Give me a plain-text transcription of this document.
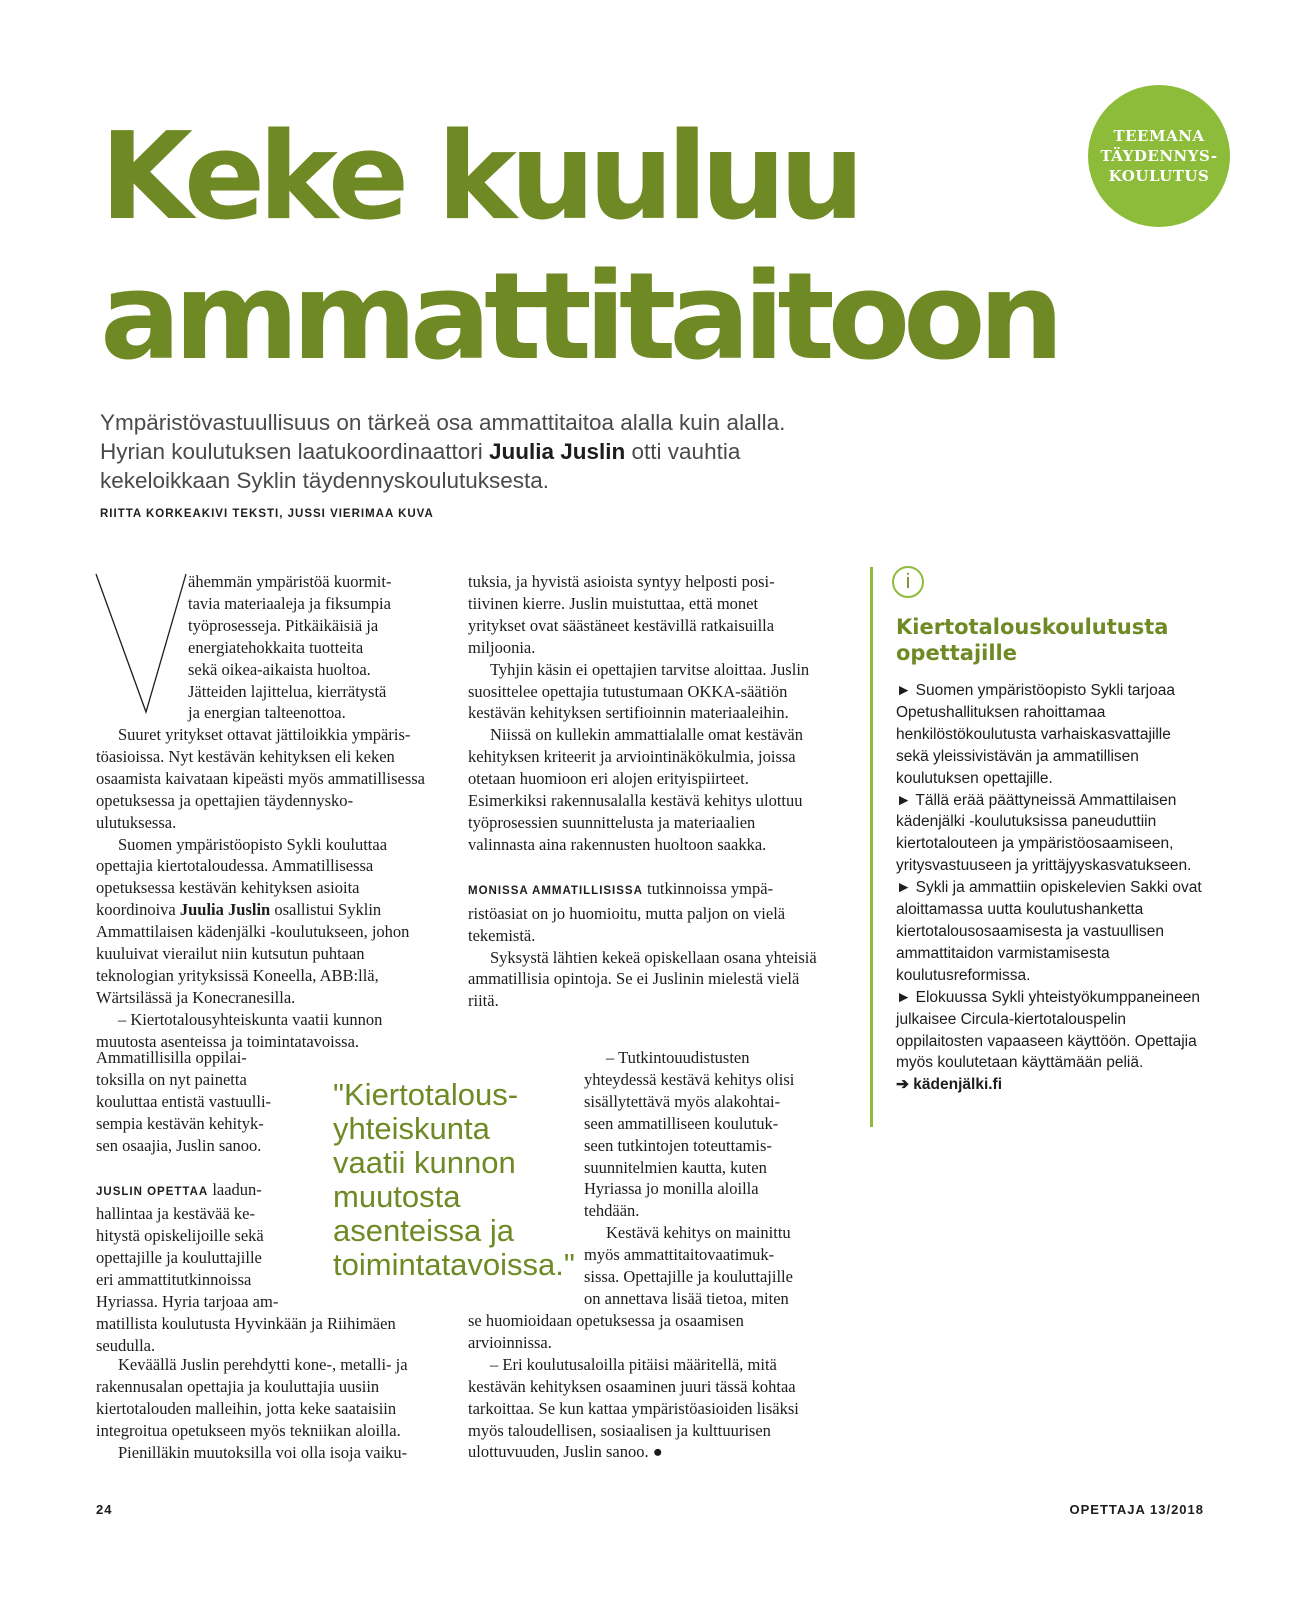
Keke kuuluu
ammattitaitoon
TEEMANA
TÄYDENNYS-
KOULUTUS
Ympäristövastuullisuus on tärkeä osa ammattitaitoa alalla kuin alalla.
Hyrian koulutuksen laatukoordinaattori Juulia Juslin otti vauhtia
kekeloikkaan Syklin täydennyskoulutuksesta.
RIITTA KORKEAKIVI TEKSTI, JUSSI VIERIMAA KUVA
ähemmän ympäristöä kuormit-
tavia materiaaleja ja fiksumpia
työprosesseja. Pitkäikäisiä ja
energiatehokkaita tuotteita
sekä oikea-aikaista huoltoa.
Jätteiden lajittelua, kierrätystä
ja energian talteenottoa.

Suuret yritykset ottavat jättiloikkia ympäristöasioissa. Nyt kestävän kehityksen eli keken osaamista kaivataan kipeästi myös ammatillisessa opetuksessa ja opettajien täydennyskoulutuksessa.

Suomen ympäristöopisto Sykli kouluttaa opettajia kiertotaloudessa. Ammatillisessa opetuksessa kestävän kehityksen asioita koordinoiva Juulia Juslin osallistui Syklin Ammattilaisen kädenjälki -koulutukseen, johon kuuluivat vierailut niin kutsutun puhtaan teknologian yrityksissä Koneella, ABB:llä, Wärtsilässä ja Konecranesilla.

– Kiertotalousyhteiskunta vaatii kunnon muutosta asenteissa ja toimintatavoissa.

Ammatillisilla oppilai-
toksilla on nyt painetta
kouluttaa entistä vastuulli-
sempia kestävän kehityk-
sen osaajia, Juslin sanoo.
JUSLIN OPETTAA laadun-
hallintaa ja kestävää ke-
hitystä opiskelijoille sekä
opettajille ja kouluttajille
eri ammattitutkinnoissa
Hyriassa. Hyria tarjoaa am-
matillista koulutusta Hyvinkään ja Riihimäen
seudulla.

Keväällä Juslin perehdytti kone-, metalli- ja rakennusalan opettajia ja kouluttajia uusiin kiertotalouden malleihin, jotta keke saataisiin integroitua opetukseen myös tekniikan aloilla.

Pienilläkin muutoksilla voi olla isoja vaiku-

tuksia, ja hyvistä asioista syntyy helposti positiivinen kierre. Juslin muistuttaa, että monet yritykset ovat säästäneet kestävillä ratkaisuilla miljoonia.

Tyhjin käsin ei opettajien tarvitse aloittaa. Juslin suosittelee opettajia tutustumaan OKKA-säätiön kestävän kehityksen sertifioinnin materiaaleihin.

Niissä on kullekin ammattialalle omat kestävän kehityksen kriteerit ja arviointinäkökulmia, joissa otetaan huomioon eri alojen erityispiirteet. Esimerkiksi rakennusalalla kestävä kehitys ulottuu työprosessien suunnittelusta ja materiaalien valinnasta aina rakennusten huoltoon saakka.

MONISSA AMMATILLISISSA tutkinnoissa ympäristöasiat on jo huomioitu, mutta paljon on vielä tekemistä.

Syksystä lähtien kekeä opiskellaan osana yhteisiä ammatillisia opintoja. Se ei Juslinin mielestä vielä riitä.

– Tutkintouudistusten
yhteydessä kestävä kehitys olisi
sisällytettävä myös alakohtai-
seen ammatilliseen koulutuk-
seen tutkintojen toteuttamis-
suunnitelmien kautta, kuten
Hyriassa jo monilla aloilla
tehdään.
Kestävä kehitys on mainittu
myös ammattitaitovaatimuk-
sissa. Opettajille ja kouluttajille
on annettava lisää tietoa, miten

se huomioidaan opetuksessa ja osaamisen arvioinnissa.

– Eri koulutusaloilla pitäisi määritellä, mitä kestävän kehityksen osaaminen juuri tässä kohtaa tarkoittaa. Se kun kattaa ympäristöasioiden lisäksi myös taloudellisen, sosiaalisen ja kulttuurisen ulottuvuuden, Juslin sanoo. ●

"Kiertotalous-
yhteiskunta
vaatii kunnon
muutosta
asenteissa ja
toimintatavoissa."
i
Kiertotalouskoulutusta opettajille

► Suomen ympäristöopisto Sykli tarjoaa Opetushallituksen rahoittamaa henkilöstökoulutusta varhaiskasvattajille sekä yleissivistävän ja ammatillisen koulutuksen opettajille.

► Tällä erää päättyneissä Ammattilaisen kädenjälki -koulutuksissa paneuduttiin kiertotalouteen ja ympäristöosaamiseen, yritysvastuuseen ja yrittäjyyskasvatukseen.

► Sykli ja ammattiin opiskelevien Sakki ovat aloittamassa uutta koulutushanketta kiertotalousosaamisesta ja vastuullisen ammattitaidon varmistamisesta koulutusreformissa.

► Elokuussa Sykli yhteistyökumppaneineen julkaisee Circula-kiertotalouspelin oppilaitosten vapaaseen käyttöön. Opettajia myös koulutetaan käyttämään peliä.

➔ kädenjälki.fi

24	OPETTAJA 13/2018
